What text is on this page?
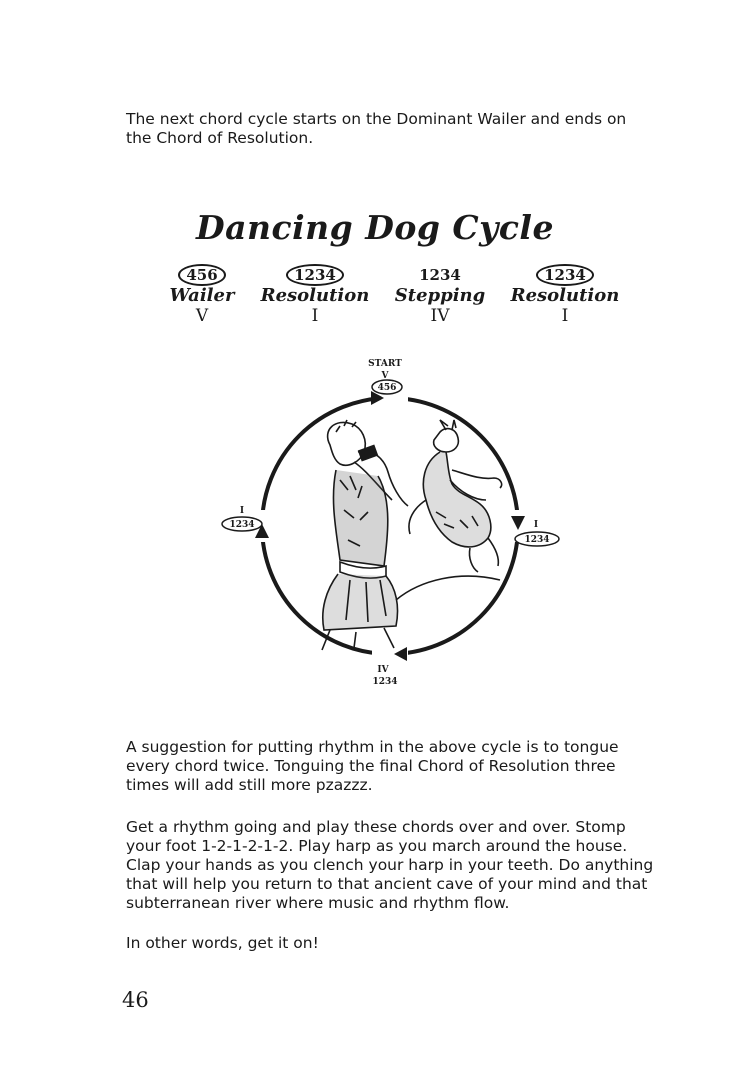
The next chord cycle starts on the Dominant Wailer and ends on the Chord of Resolution.

Dancing Dog Cycle
456
Wailer
V
1234
Resolution
I
1234
Stepping
IV
1234
Resolution
I
START
V
456
I
1234
IV
1234
I
1234

A suggestion for putting rhythm in the above cycle is to tongue every chord twice. Tonguing the final Chord of Resolution three times will add still more pzazzz.

Get a rhythm going and play these chords over and over. Stomp your foot 1-2-1-2-1-2. Play harp as you march around the house. Clap your hands as you clench your harp in your teeth. Do anything that will help you return to that ancient cave of your mind and that subterranean river where music and rhythm flow.

In other words, get it on!

46
